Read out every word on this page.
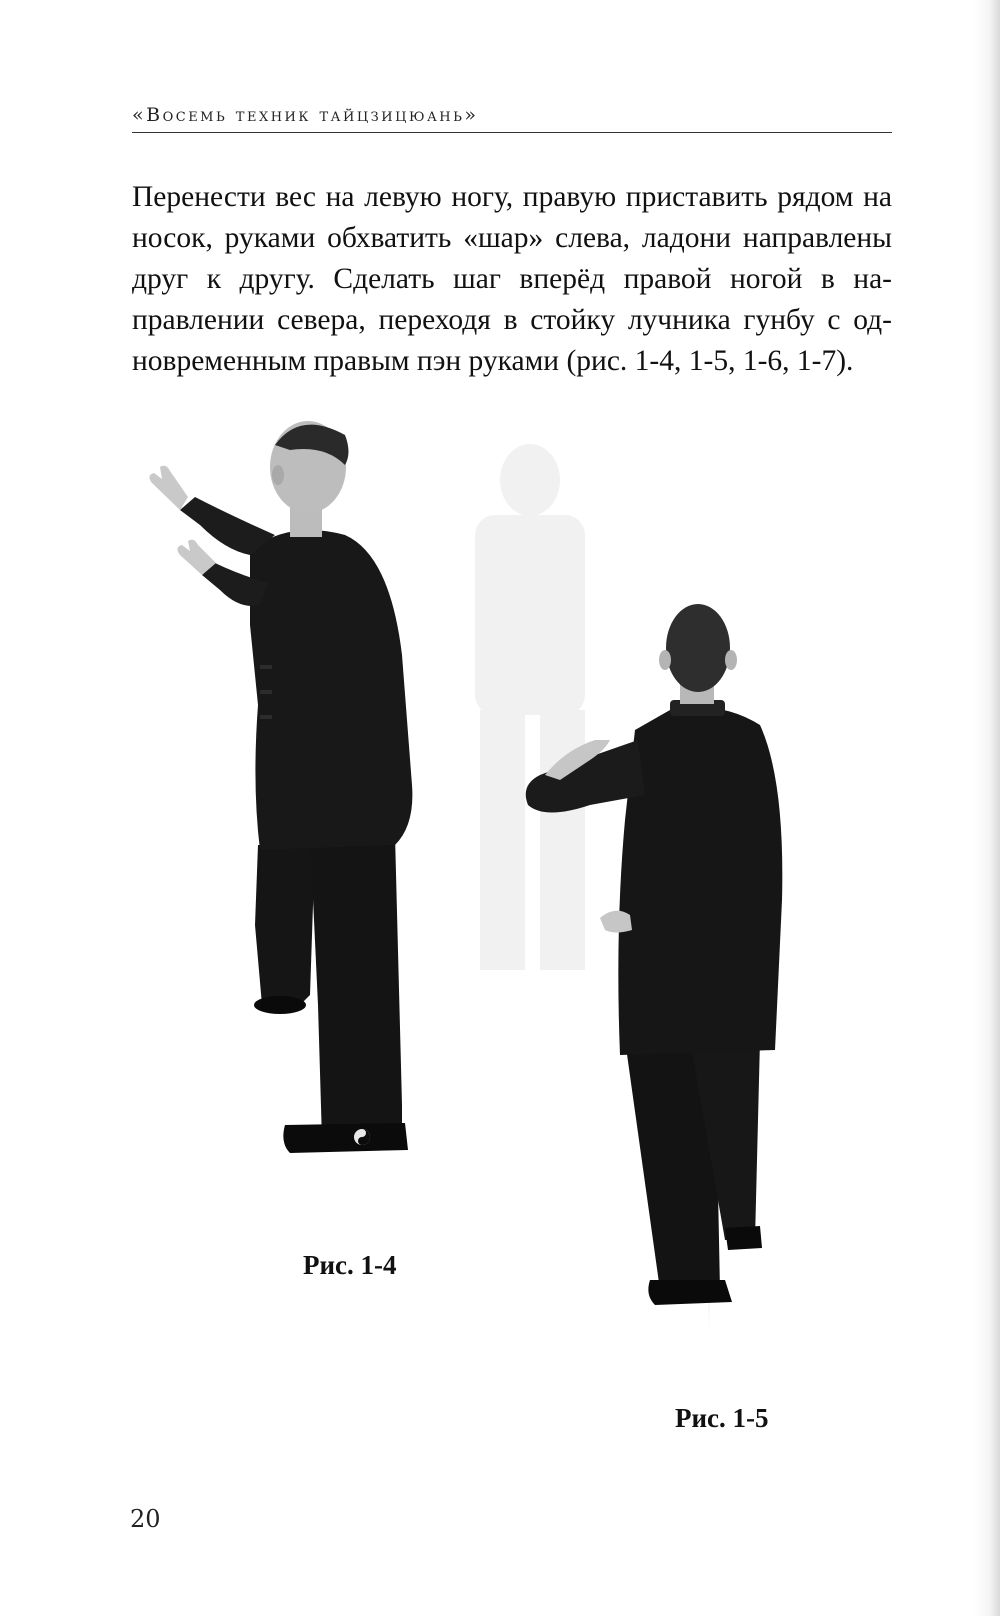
«Восемь техник тайцзицюань»

Перенести вес на левую ногу, правую приставить рядом на носок, руками обхватить «шар» слева, ладони направлены друг к другу. Сделать шаг вперёд правой ногой в направлении севера, переходя в стойку лучника гунбу с одновременным правым пэн руками (рис. 1-4, 1-5, 1-6, 1-7).

Рис. 1-4
Рис. 1-5
20
